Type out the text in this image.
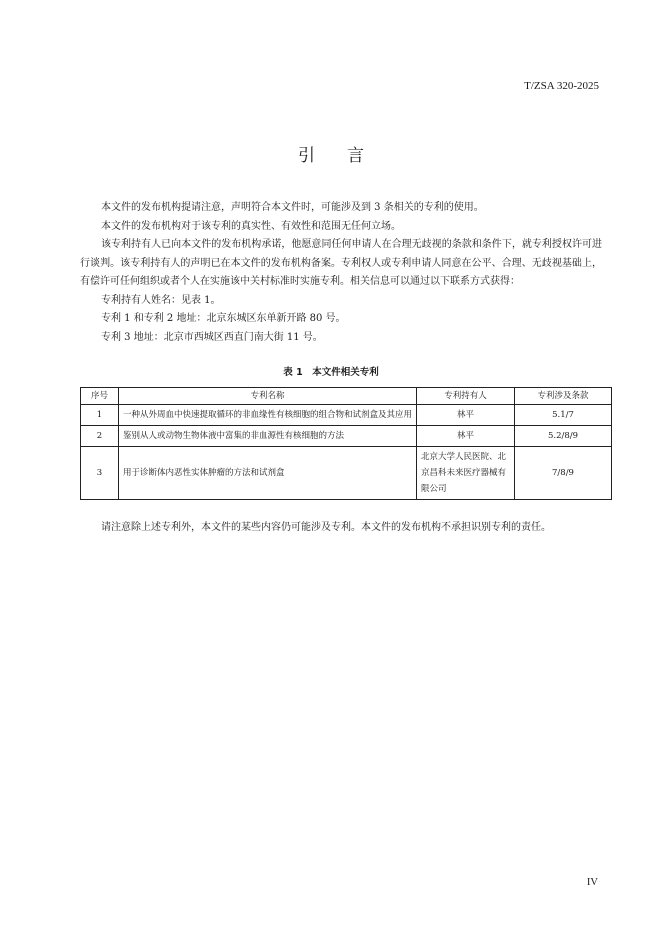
T/ZSA 320-2025
引言

本文件的发布机构提请注意，声明符合本文件时，可能涉及到 3 条相关的专利的使用。

本文件的发布机构对于该专利的真实性、有效性和范围无任何立场。

该专利持有人已向本文件的发布机构承诺，他愿意同任何申请人在合理无歧视的条款和条件下，就专利授权许可进行谈判。该专利持有人的声明已在本文件的发布机构备案。专利权人或专利申请人同意在公平、合理、无歧视基础上，有偿许可任何组织或者个人在实施该中关村标准时实施专利。相关信息可以通过以下联系方式获得：

专利持有人姓名：见表 1。

专利 1 和专利 2 地址：北京东城区东单新开路 80 号。

专利 3 地址：北京市西城区西直门南大街 11 号。

表 1　本文件相关专利
序号	专利名称	专利持有人	专利涉及条款
1	一种从外周血中快速提取循环的非血缘性有核细胞的组合物和试剂盒及其应用	林平	5.1/7
2	鉴别从人或动物生物体液中富集的非血源性有核细胞的方法	林平	5.2/8/9
3	用于诊断体内恶性实体肿瘤的方法和试剂盒	北京大学人民医院、北京昌科未来医疗器械有限公司	7/8/9

请注意除上述专利外，本文件的某些内容仍可能涉及专利。本文件的发布机构不承担识别专利的责任。

IV
